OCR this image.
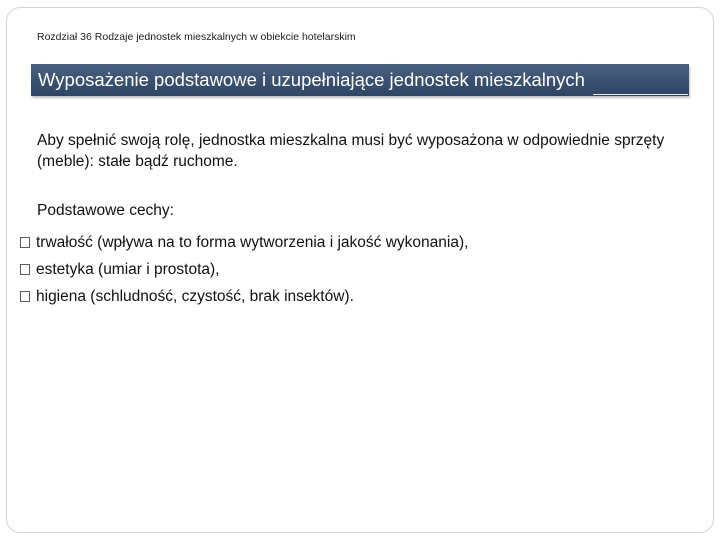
Rozdział 36 Rodzaje jednostek mieszkalnych w obiekcie hotelarskim
Wyposażenie podstawowe i uzupełniające jednostek mieszkalnych
Aby spełnić swoją rolę, jednostka mieszkalna musi być wyposażona w odpowiednie sprzęty (meble): stałe bądź ruchome.
Podstawowe cechy:
trwałość (wpływa na to forma wytworzenia i jakość wykonania),
estetyka (umiar i prostota),
higiena (schludność, czystość, brak insektów).
